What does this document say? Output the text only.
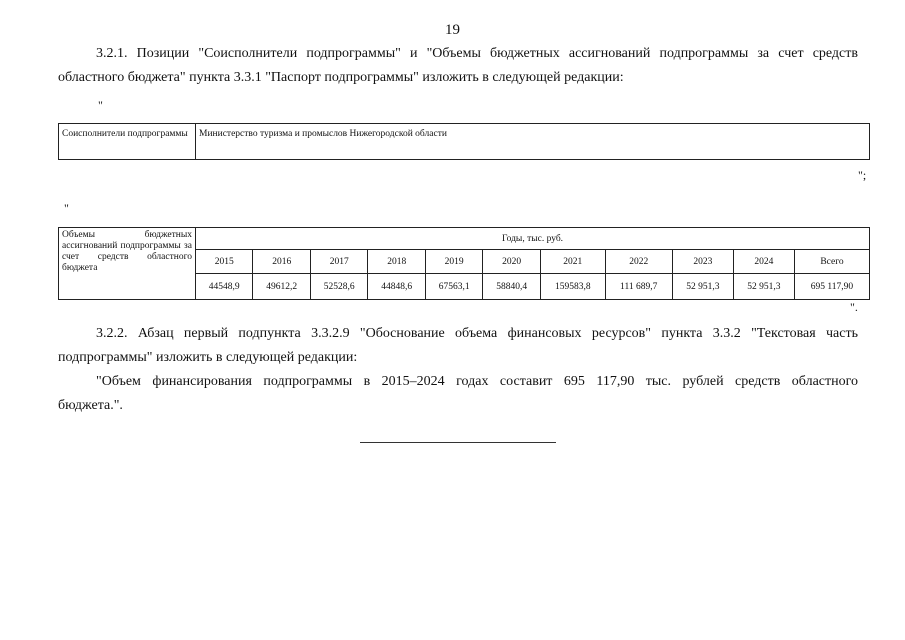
19
3.2.1. Позиции "Соисполнители подпрограммы" и "Объемы бюджетных ассигнований подпрограммы за счет средств
областного бюджета" пункта 3.3.1 "Паспорт подпрограммы" изложить в следующей редакции:
"
Соисполнители подпрограммы	Министерство туризма и промыслов Нижегородской области
";
"
Объемы бюджетных ассигнований подпрограммы за счет средств областного бюджета	Годы, тыс. руб.										
	2015	2016	2017	2018	2019	2020	2021	2022	2023	2024	Всего
	44548,9	49612,2	52528,6	44848,6	67563,1	58840,4	159583,8	111 689,7	52 951,3	52 951,3	695 117,90
".
3.2.2. Абзац первый подпункта 3.3.2.9 "Обоснование объема финансовых ресурсов" пункта 3.3.2 "Текстовая часть
подпрограммы" изложить в следующей редакции:
"Объем финансирования подпрограммы в 2015–2024 годах составит 695 117,90 тыс. рублей средств областного
бюджета.".
